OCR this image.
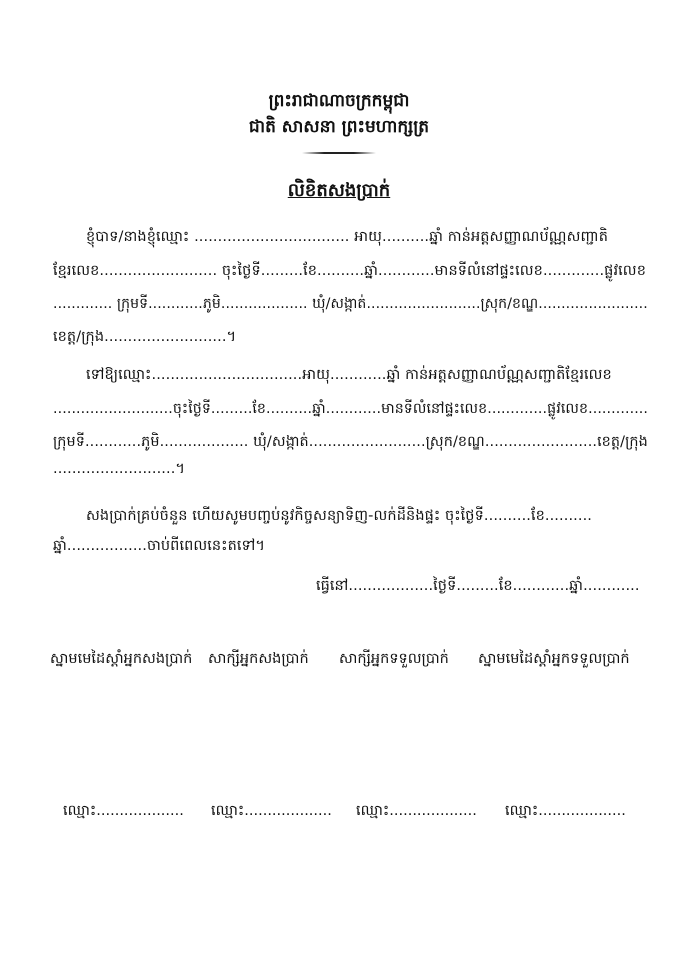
ព្រះរាជាណាចក្រកម្ពុជា
ជាតិ សាសនា ព្រះមហាក្សត្រ
លិខិតសងប្រាក់
ខ្ញុំបាទ/នាងខ្ញុំឈ្មោះ ................................. អាយុ..........ឆ្នាំ កាន់អត្តសញ្ញាណប័ណ្ណសញ្ជាតិ
ខ្មែរលេខ......................... ចុះថ្ងៃទី.........ខែ..........ឆ្នាំ............មានទីលំនៅផ្ទះលេខ.............ផ្លូវលេខ
............. ក្រុមទី............ភូមិ................... ឃុំ/សង្កាត់.........................ស្រុក/ខណ្ឌ........................
ខេត្ត/ក្រុង..........................។
ទៅឱ្យឈ្មោះ................................អាយុ............ឆ្នាំ កាន់អត្តសញ្ញាណប័ណ្ណសញ្ជាតិខ្មែរលេខ
..........................ចុះថ្ងៃទី.........ខែ..........ឆ្នាំ............មានទីលំនៅផ្ទះលេខ.............ផ្លូវលេខ.............
ក្រុមទី............ភូមិ................... ឃុំ/សង្កាត់.........................ស្រុក/ខណ្ឌ........................ខេត្ត/ក្រុង
..........................។
សងប្រាក់គ្រប់ចំនួន ហើយសូមបញ្ចប់នូវកិច្ចសន្យាទិញ-លក់ដីនិងផ្ទះ ចុះថ្ងៃទី..........ខែ..........
ឆ្នាំ.................ចាប់ពីពេលនេះតទៅ។
ធ្វើនៅ..................ថ្ងៃទី.........ខែ............ឆ្នាំ............
ស្នាមមេដៃស្ដាំអ្នកសងប្រាក់ សាក្សីអ្នកសងប្រាក់ សាក្សីអ្នកទទួលប្រាក់ ស្នាមមេដៃស្ដាំអ្នកទទួលប្រាក់
ឈ្មោះ................... ឈ្មោះ................... ឈ្មោះ................... ឈ្មោះ...................
